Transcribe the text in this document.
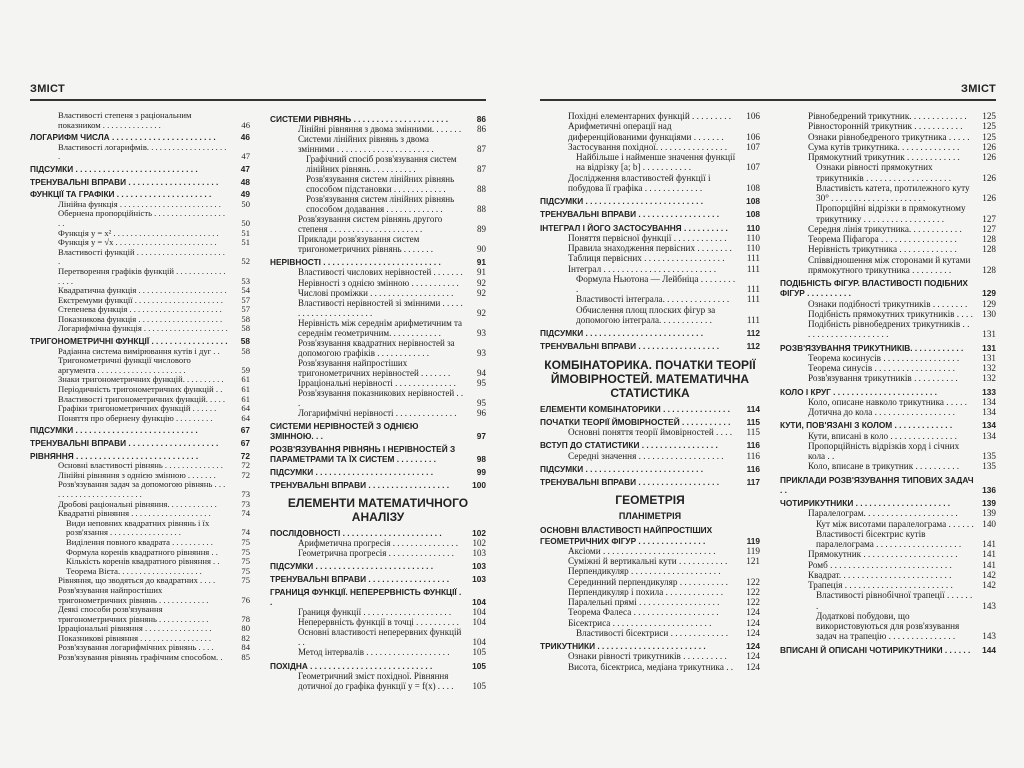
ЗМІСТ
Властивості степеня з раціональним показником . . . . . . . . . . . . . .	46
ЛОГАРИФМ ЧИСЛА . . . . . . . . . . . . . . . . . . . . . . .	46
Властивості логарифмів. . . . . . . . . . . . . . . . . . . .	47
ПІДСУМКИ . . . . . . . . . . . . . . . . . . . . . . . . . . .	47
ТРЕНУВАЛЬНІ ВПРАВИ . . . . . . . . . . . . . . . . . . . .	48
ФУНКЦІЇ ТА ГРАФІКИ . . . . . . . . . . . . . . . . . . . . .	49
Лінійна функція . . . . . . . . . . . . . . . . . . . . . . . . 50
Обернена пропорційність . . . . . . . . . . . . . . . . . . .	50
Функція y = x² . . . . . . . . . . . . . . . . . . . . . . . . .	51
Функція y = √x . . . . . . . . . . . . . . . . . . . . . . . .	51
Властивості функцій . . . . . . . . . . . . . . . . . . . . . .	52
Перетворення графіків функцій . . . . . . . . . . . . . . . .	53
Квадратична функція . . . . . . . . . . . . . . . . . . . . . 54
Екстремуми функції . . . . . . . . . . . . . . . . . . . . . 57
Степенева функція . . . . . . . . . . . . . . . . . . . . . . 57
Показникова функція . . . . . . . . . . . . . . . . . . . . 58
Логарифмічна функція . . . . . . . . . . . . . . . . . . . . 58
ТРИГОНОМЕТРИЧНІ ФУНКЦІЇ . . . . . . . . . . . . . . . . . 58
Радіанна система вимірювання кутів і дуг . .	58
Тригонометричні функції числового аргумента . . . . . . . . . . . . . . . . . . . . .	59
Знаки тригонометричних функцій. . . . . . . . . . 61
Періодичність тригонометричних функцій . . 61
Властивості тригонометричних функцій. . . . . 61
Графіки тригонометричних функцій . . . . . .	64
Поняття про обернену функцію . . . . . . . . .	64
ПІДСУМКИ . . . . . . . . . . . . . . . . . . . . . . . . . . .	67
ТРЕНУВАЛЬНІ ВПРАВИ . . . . . . . . . . . . . . . . . . . .	67
РІВНЯННЯ . . . . . . . . . . . . . . . . . . . . . . . . . . .	72
Основні властивості рівнянь . . . . . . . . . . . . . . 72
Лінійні рівняння з однією змінною . . . . . . .	72
Розв'язування задач за допомогою рівнянь . . . . . . . . . . . . . . . . . . . . . . .	73
Дробові раціональні рівняння. . . . . . . . . . . .	73
Квадратні рівняння . . . . . . . . . . . . . . . . . . .	74
Види неповних квадратних рівнянь і їх розв'язання . . . . . . . . . . . . . . . . .	74
Виділення повного квадрата . . . . . . . . . .	75
Формула коренів квадратного рівняння . .	75
Кількість коренів квадратного рівняння . .	75
Теорема Вієта. . . . . . . . . . . . . . . . . . . .	75
Рівняння, що зводяться до квадратних . . . .	75
Розв'язування найпростіших тригонометричних рівнянь . . . . . . . . . . . .	76
Деякі способи розв'язування тригонометричних рівнянь . . . . . . . . . . . .	78
Ірраціональні рівняння . . . . . . . . . . . . . . . .	80
Показникові рівняння . . . . . . . . . . . . . . . . .	82
Розв'язування логарифмічних рівнянь . . . .	84
Розв'язування рівнянь графічним способом. . 85
СИСТЕМИ РІВНЯНЬ . . . . . . . . . . . . . . . . . . . . .	86
Лінійні рівняння з двома змінними. . . . . . . 86
Системи лінійних рівнянь з двома змінними . . . . . . . . . . . . . . . . . . . . . .	87
Графічний спосіб розв'язування систем лінійних рівнянь . . . . . . . . . .	87
Розв'язування систем лінійних рівнянь способом підстановки . . . . . . . . . . . .	88
Розв'язування систем лінійних рівнянь способом додавання . . . . . . . . . . . . .	88
Розв'язування систем рівнянь другого степеня . . . . . . . . . . . . . . . . . . . . .	89
Приклади розв'язування систем тригонометричних рівнянь . . . . . . .	90
НЕРІВНОСТІ . . . . . . . . . . . . . . . . . . . . . . . . . .	91
Властивості числових нерівностей . . . . . . . 91
Нерівності з однією змінною . . . . . . . . . . . 92
Числові проміжки . . . . . . . . . . . . . . . . . . .	92
Властивості нерівностей зі змінними . . . . . . . . . . . . . . . . . . . . . .	92
Нерівність між середнім арифметичним та середнім геометричним. . . . . . . . . . . .	93
Розв'язування квадратних нерівностей за допомогою графіків . . . . . . . . . . . .	93
Розв'язування найпростіших тригонометричних нерівностей . . . . . . .	94
Ірраціональні нерівності . . . . . . . . . . . . . . 95
Розв'язування показникових нерівностей . . .	95
Логарифмічні нерівності . . . . . . . . . . . . . . 96
СИСТЕМИ НЕРІВНОСТЕЙ З ОДНІЄЮ ЗМІННОЮ. . .	97
РОЗВ'ЯЗУВАННЯ РІВНЯНЬ І НЕРІВНОСТЕЙ З ПАРАМЕТРАМИ ТА ЇХ СИСТЕМ . . . . . . . . .	98
ПІДСУМКИ . . . . . . . . . . . . . . . . . . . . . . . . . .	99
ТРЕНУВАЛЬНІ ВПРАВИ . . . . . . . . . . . . . . . . . .	100
ЕЛЕМЕНТИ МАТЕМАТИЧНОГО АНАЛІЗУ
ПОСЛІДОВНОСТІ . . . . . . . . . . . . . . . . . . . . . .	102
Арифметична прогресія . . . . . . . . . . . . . . . 102
Геометрична прогресія . . . . . . . . . . . . . . . 103
ПІДСУМКИ . . . . . . . . . . . . . . . . . . . . . . . . . .	103
ТРЕНУВАЛЬНІ ВПРАВИ . . . . . . . . . . . . . . . . . .	103
ГРАНИЦЯ ФУНКЦІЇ. НЕПЕРЕРВНІСТЬ ФУНКЦІЇ . .	104
Границя функції . . . . . . . . . . . . . . . . . . . . 104
Неперервність функції в точці . . . . . . . . . . 104
Основні властивості неперервних функцій . .	104
Метод інтервалів . . . . . . . . . . . . . . . . . . .	105
ПОХІДНА . . . . . . . . . . . . . . . . . . . . . . . . . . .	105
Геометричний зміст похідної. Рівняння дотичної до графіка функції y = f(x) . . . . 105
ЗМІСТ
Похідні елементарних функцій . . . . . . . . . 106
Арифметичні операції над диференційованими функціями . . . . . . . 106
Застосування похідної. . . . . . . . . . . . . . . . 107
Найбільше і найменше значення функції на відрізку [a; b] . . . . . . . . . . .	107
Дослідження властивостей функції і побудова її графіка . . . . . . . . . . . . .	108
ПІДСУМКИ . . . . . . . . . . . . . . . . . . . . . . . . . .	108
ТРЕНУВАЛЬНІ ВПРАВИ . . . . . . . . . . . . . . . . . .	108
ІНТЕГРАЛ І ЙОГО ЗАСТОСУВАННЯ . . . . . . . . . . 110
Поняття первісної функції . . . . . . . . . . . . 110
Правила знаходження первісних . . . . . . . . 110
Таблиця первісних . . . . . . . . . . . . . . . . . . 111
Інтеграл . . . . . . . . . . . . . . . . . . . . . . . . .	111
Формула Ньютона — Лейбніца . . . . . . . . .	111
Властивості інтеграла. . . . . . . . . . . . . . . 111
Обчислення площ плоских фігур за допомогою інтеграла. . . . . . . . . . . .	111
ПІДСУМКИ . . . . . . . . . . . . . . . . . . . . . . . . . .	112
ТРЕНУВАЛЬНІ ВПРАВИ . . . . . . . . . . . . . . . . . .	112
КОМБІНАТОРИКА. ПОЧАТКИ ТЕОРІЇ ЙМОВІРНОСТЕЙ. МАТЕМАТИЧНА СТАТИСТИКА
ЕЛЕМЕНТИ КОМБІНАТОРИКИ . . . . . . . . . . . . . . . 114
ПОЧАТКИ ТЕОРІЇ ЙМОВІРНОСТЕЙ . . . . . . . . . . . 115
Основні поняття теорії ймовірностей . . . . 115
ВСТУП ДО СТАТИСТИКИ . . . . . . . . . . . . . . . . .	116
Середні значення . . . . . . . . . . . . . . . . . . . 116
ПІДСУМКИ . . . . . . . . . . . . . . . . . . . . . . . . . .	116
ТРЕНУВАЛЬНІ ВПРАВИ . . . . . . . . . . . . . . . . . .	117
ГЕОМЕТРІЯ
ПЛАНІМЕТРІЯ
ОСНОВНІ ВЛАСТИВОСТІ НАЙПРОСТІШИХ ГЕОМЕТРИЧНИХ ФІГУР . . . . . . . . . . . . . . .	119
Аксіоми . . . . . . . . . . . . . . . . . . . . . . . . .	119
Суміжні й вертикальні кути . . . . . . . . . . . 121
Перпендикуляр . . . . . . . . . . . . . . . . . . . .
Серединний перпендикуляр . . . . . . . . . . . 122
Перпендикуляр і похила . . . . . . . . . . . . .	122
Паралельні прямі . . . . . . . . . . . . . . . . . .	122
Теорема Фалеса . . . . . . . . . . . . . . . . . . .	124
Бісектриса . . . . . . . . . . . . . . . . . . . . . .	124
Властивості бісектриси . . . . . . . . . . . . . 124
ТРИКУТНИКИ . . . . . . . . . . . . . . . . . . . . . . . .	124
Ознаки рівності трикутників . . . . . . . . . . 124
Висота, бісектриса, медіана трикутника . . 124
Рівнобедрений трикутник. . . . . . . . . . . . . 125
Рівносторонній трикутник . . . . . . . . . . . 125
Ознаки рівнобедреного трикутника . . . . . 125
Сума кутів трикутника. . . . . . . . . . . . . . 126
Прямокутний трикутник . . . . . . . . . . . . 126
Ознаки рівності прямокутних трикутників . . . . . . . . . . . . . . . . . . .	126
Властивість катета, протилежного куту 30° . . . . . . . . . . . . . . . . . . . . .	126
Пропорційні відрізки в прямокутному трикутнику . . . . . . . . . . . . . . . . . .	127
Середня лінія трикутника. . . . . . . . . . . . 127
Теорема Піфагора . . . . . . . . . . . . . . . . .	128
Нерівність трикутника . . . . . . . . . . . . .	128
Співвідношення між сторонами й кутами прямокутного трикутника . . . . . . . . .	128
ПОДІБНІСТЬ ФІГУР. ВЛАСТИВОСТІ ПОДІБНИХ ФІГУР . . . . . . . . . .	129
Ознаки подібності трикутників . . . . . . . . 129
Подібність прямокутних трикутників . . . . 130
Подібність рівнобедрених трикутників . . . . . . . . . . . . . . . . . . . .	131
РОЗВ'ЯЗУВАННЯ ТРИКУТНИКІВ. . . . . . . . . . . . 131
Теорема косинусів . . . . . . . . . . . . . . . . .	131
Теорема синусів . . . . . . . . . . . . . . . . . .	132
Розв'язування трикутників . . . . . . . . . .	132
КОЛО І КРУГ . . . . . . . . . . . . . . . . . . . . . . .	133
Коло, описане навколо трикутника . . . . . 134
Дотична до кола . . . . . . . . . . . . . . . . . .	134
КУТИ, ПОВ'ЯЗАНІ З КОЛОМ . . . . . . . . . . . . .	134
Кути, вписані в коло . . . . . . . . . . . . . . .	134
Пропорційність відрізків хорд і січних кола . .	135
Коло, вписане в трикутник . . . . . . . . . .	135
ПРИКЛАДИ РОЗВ'ЯЗУВАННЯ ТИПОВИХ ЗАДАЧ . .	136
ЧОТИРИКУТНИКИ . . . . . . . . . . . . . . . . . . . . .	139
Паралелограм. . . . . . . . . . . . . . . . . . . . .	139
Кут між висотами паралелограма . . . . . . 140
Властивості бісектрис кутів паралелограма . . . . . . . . . . . . . . . . . . . 141
Прямокутник . . . . . . . . . . . . . . . . . . . . .	141
Ромб . . . . . . . . . . . . . . . . . . . . . . . . . . .	141
Квадрат. . . . . . . . . . . . . . . . . . . . . . . . .	142
Трапеція . . . . . . . . . . . . . . . . . . . . . . . .	142
Властивості рівнобічної трапеції . . . . . . .	143
Додаткові побудови, що використовуються для розв'язування задач на трапецію . . . . . . . . . . . . . . .	143
ВПИСАНІ Й ОПИСАНІ ЧОТИРИКУТНИКИ . . . . . . 144
